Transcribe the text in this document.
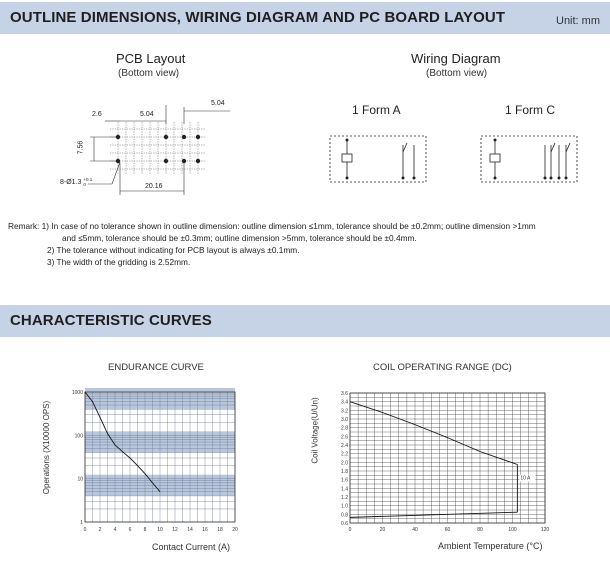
OUTLINE DIMENSIONS, WIRING DIAGRAM AND PC BOARD LAYOUT	Unit: mm
PCB Layout
(Bottom view)
Wiring Diagram
(Bottom view)
1 Form A	1 Form C
2.6	5.04
5.04
7.56
8-Ø1.3 +0.1
0	20.16
Remark: 1) In case of no tolerance shown in outline dimension: outline dimension ≤1mm, tolerance should be ±0.2mm; outline dimension >1mm
and ≤5mm, tolerance should be ±0.3mm; outline dimension >5mm, tolerance should be ±0.4mm.
2) The tolerance without indicating for PCB layout is always ±0.1mm.
3) The width of the gridding is 2.52mm.
CHARACTERISTIC CURVES
ENDURANCE CURVE	COIL OPERATING RANGE (DC)
Contact Current (A)	Ambient Temperature (°C)
Operations (X10000 OPS)	Coil Voltage(U/Un)
0 2 4 6 8 10 12 14 16 18 20
1
10
100
1000
0	20	40	60	80	100	120
0.6
0.8
1.0
1.2
1.4
1.6
1.8
2.0
2.2
2.4
2.6
2.8
3.0
3.2
3.4
3.6
10 A
